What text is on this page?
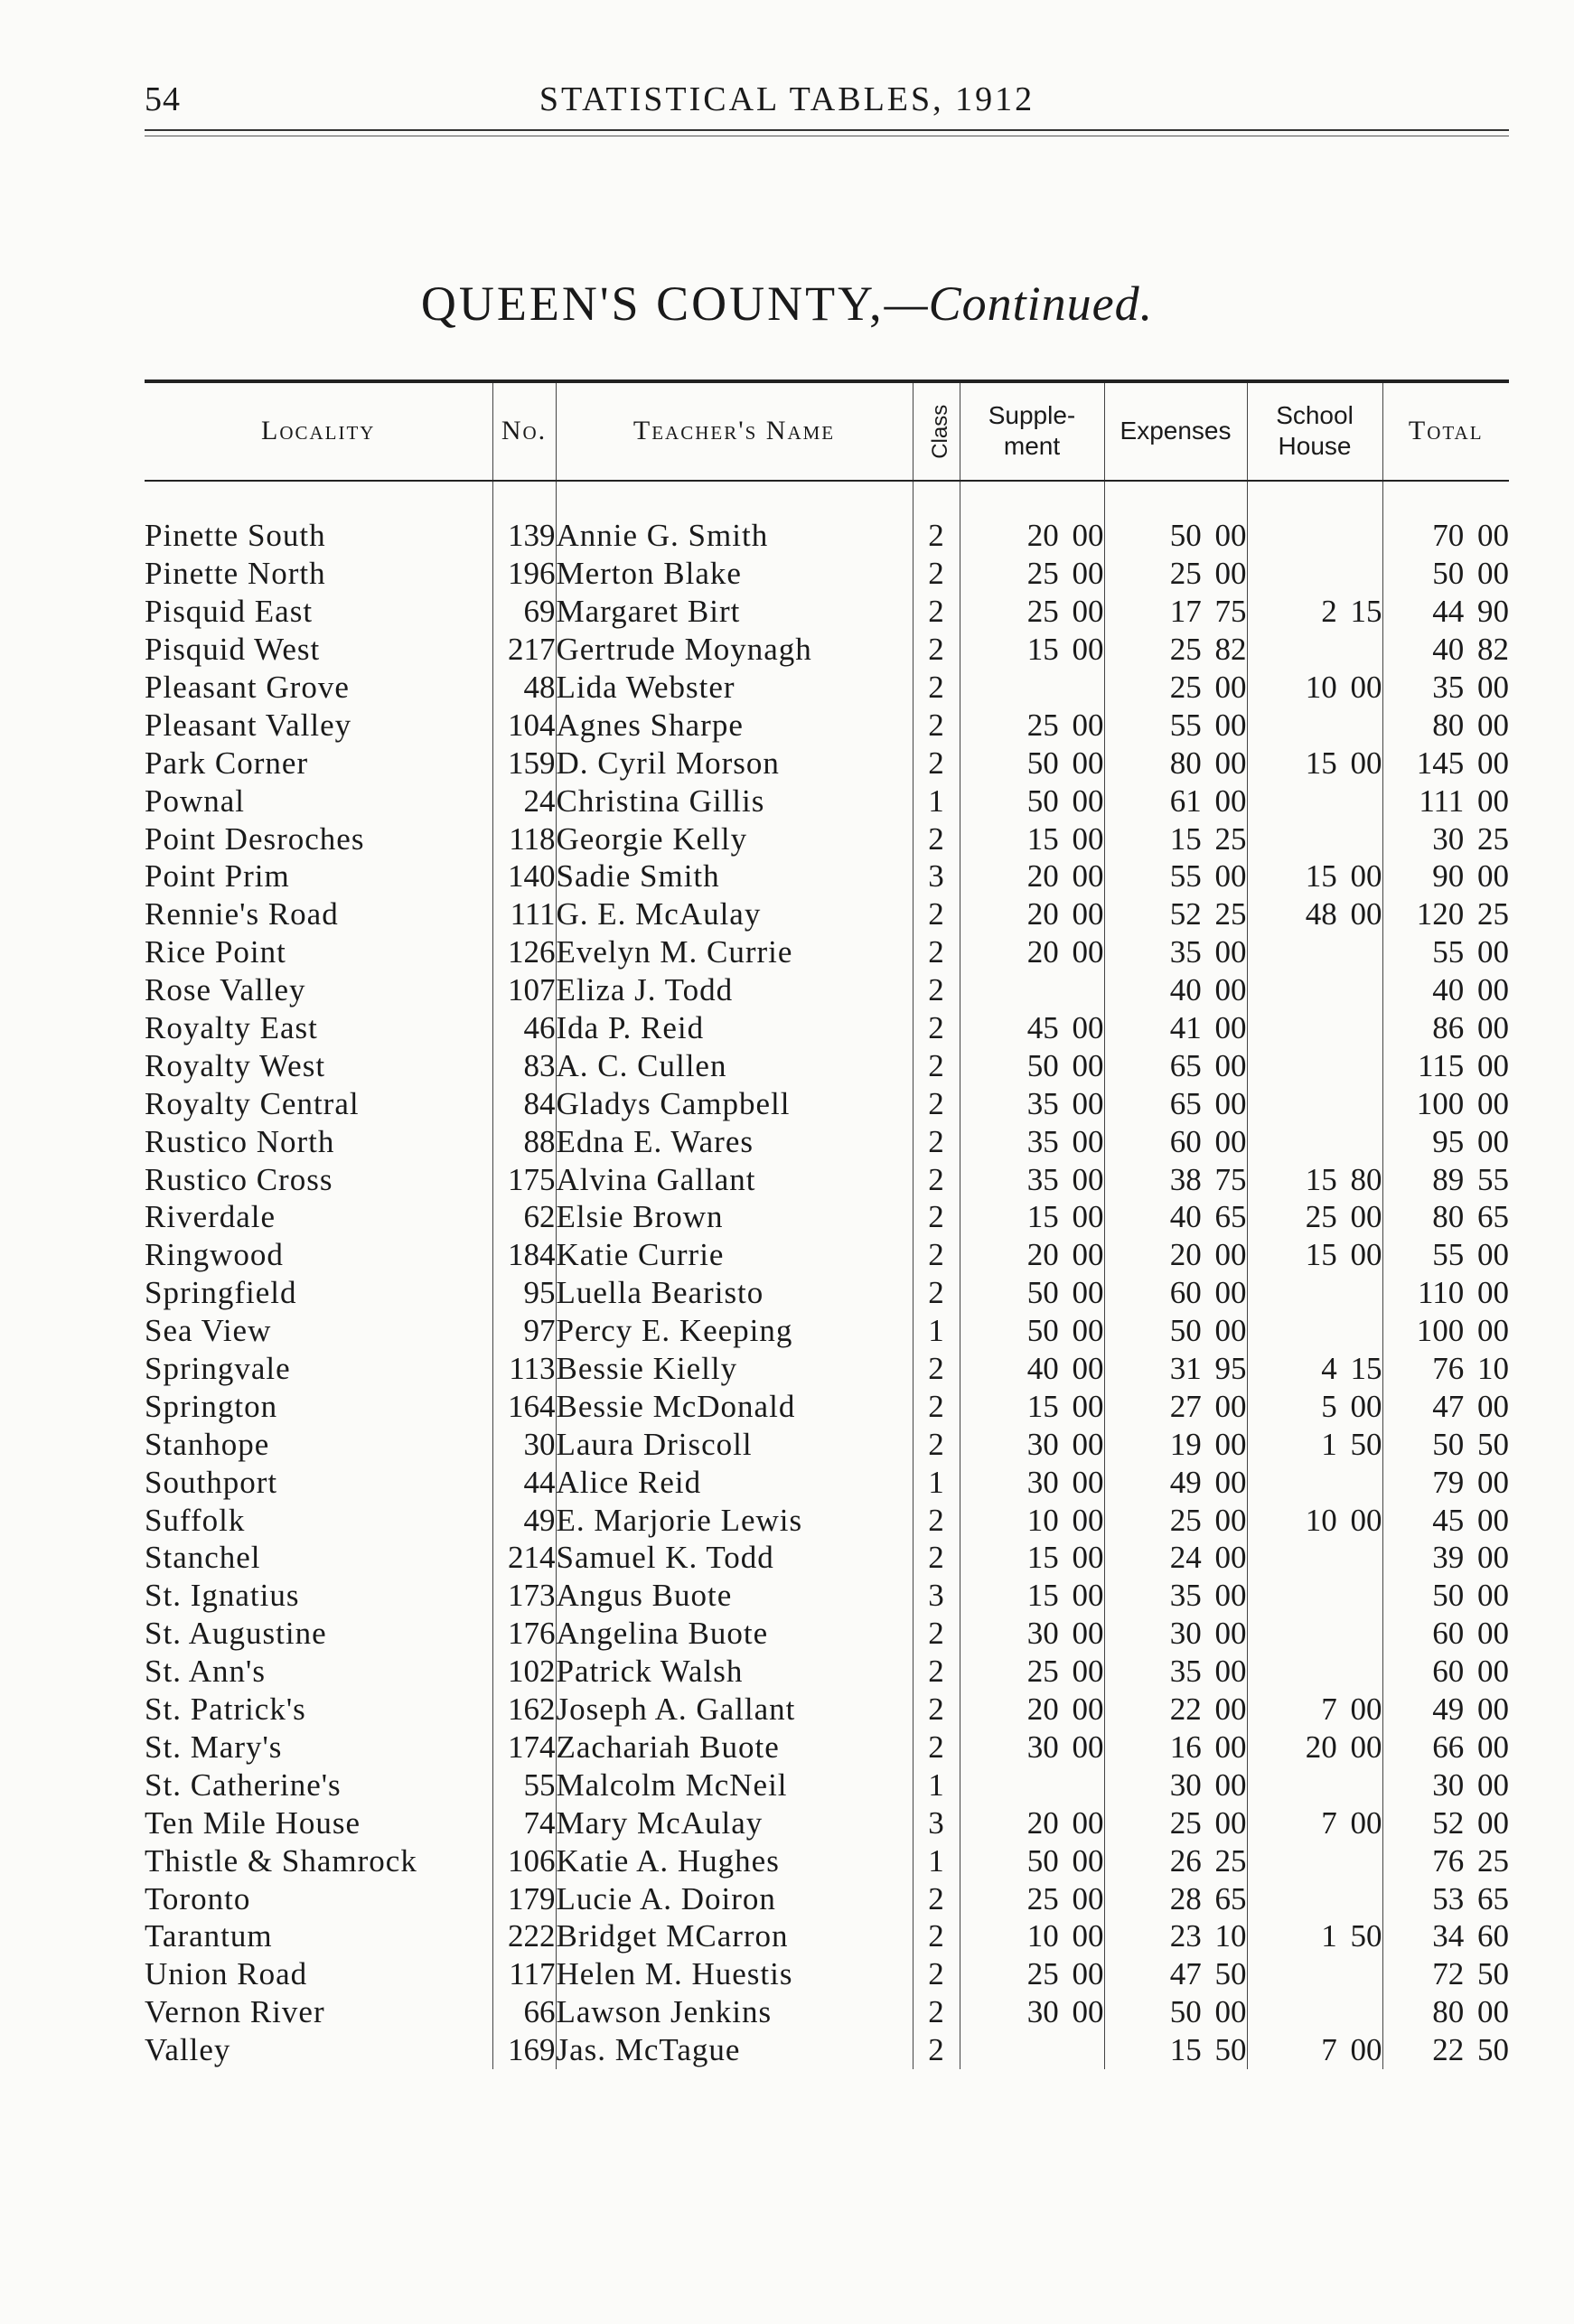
54	STATISTICAL TABLES, 1912
QUEEN'S COUNTY,—Continued.
Locality	No.	Teacher's Name	Class	Supple-
ment	Expenses	School
House	Total

Pinette South	139	Annie G. Smith	2	20 00	50 00		70 00
Pinette North	196	Merton Blake	2	25 00	25 00		50 00
Pisquid East	69	Margaret Birt	2	25 00	17 75	2 15	44 90
Pisquid West	217	Gertrude Moynagh	2	15 00	25 82		40 82
Pleasant Grove	48	Lida Webster	2		25 00	10 00	35 00
Pleasant Valley	104	Agnes Sharpe	2	25 00	55 00		80 00
Park Corner	159	D. Cyril Morson	2	50 00	80 00	15 00	145 00
Pownal	24	Christina Gillis	1	50 00	61 00		111 00
Point Desroches	118	Georgie Kelly	2	15 00	15 25		30 25
Point Prim	140	Sadie Smith	3	20 00	55 00	15 00	90 00
Rennie's Road	111	G. E. McAulay	2	20 00	52 25	48 00	120 25
Rice Point	126	Evelyn M. Currie	2	20 00	35 00		55 00
Rose Valley	107	Eliza J. Todd	2		40 00		40 00
Royalty East	46	Ida P. Reid	2	45 00	41 00		86 00
Royalty West	83	A. C. Cullen	2	50 00	65 00		115 00
Royalty Central	84	Gladys Campbell	2	35 00	65 00		100 00
Rustico North	88	Edna E. Wares	2	35 00	60 00		95 00
Rustico Cross	175	Alvina Gallant	2	35 00	38 75	15 80	89 55
Riverdale	62	Elsie Brown	2	15 00	40 65	25 00	80 65
Ringwood	184	Katie Currie	2	20 00	20 00	15 00	55 00
Springfield	95	Luella Bearisto	2	50 00	60 00		110 00
Sea View	97	Percy E. Keeping	1	50 00	50 00		100 00
Springvale	113	Bessie Kielly	2	40 00	31 95	4 15	76 10
Springton	164	Bessie McDonald	2	15 00	27 00	5 00	47 00
Stanhope	30	Laura Driscoll	2	30 00	19 00	1 50	50 50
Southport	44	Alice Reid	1	30 00	49 00		79 00
Suffolk	49	E. Marjorie Lewis	2	10 00	25 00	10 00	45 00
Stanchel	214	Samuel K. Todd	2	15 00	24 00		39 00
St. Ignatius	173	Angus Buote	3	15 00	35 00		50 00
St. Augustine	176	Angelina Buote	2	30 00	30 00		60 00
St. Ann's	102	Patrick Walsh	2	25 00	35 00		60 00
St. Patrick's	162	Joseph A. Gallant	2	20 00	22 00	7 00	49 00
St. Mary's	174	Zachariah Buote	2	30 00	16 00	20 00	66 00
St. Catherine's	55	Malcolm McNeil	1		30 00		30 00
Ten Mile House	74	Mary McAulay	3	20 00	25 00	7 00	52 00
Thistle & Shamrock	106	Katie A. Hughes	1	50 00	26 25		76 25
Toronto	179	Lucie A. Doiron	2	25 00	28 65		53 65
Tarantum	222	Bridget MCarron	2	10 00	23 10	1 50	34 60
Union Road	117	Helen M. Huestis	2	25 00	47 50		72 50
Vernon River	66	Lawson Jenkins	2	30 00	50 00		80 00
Valley	169	Jas. McTague	2		15 50	7 00	22 50
